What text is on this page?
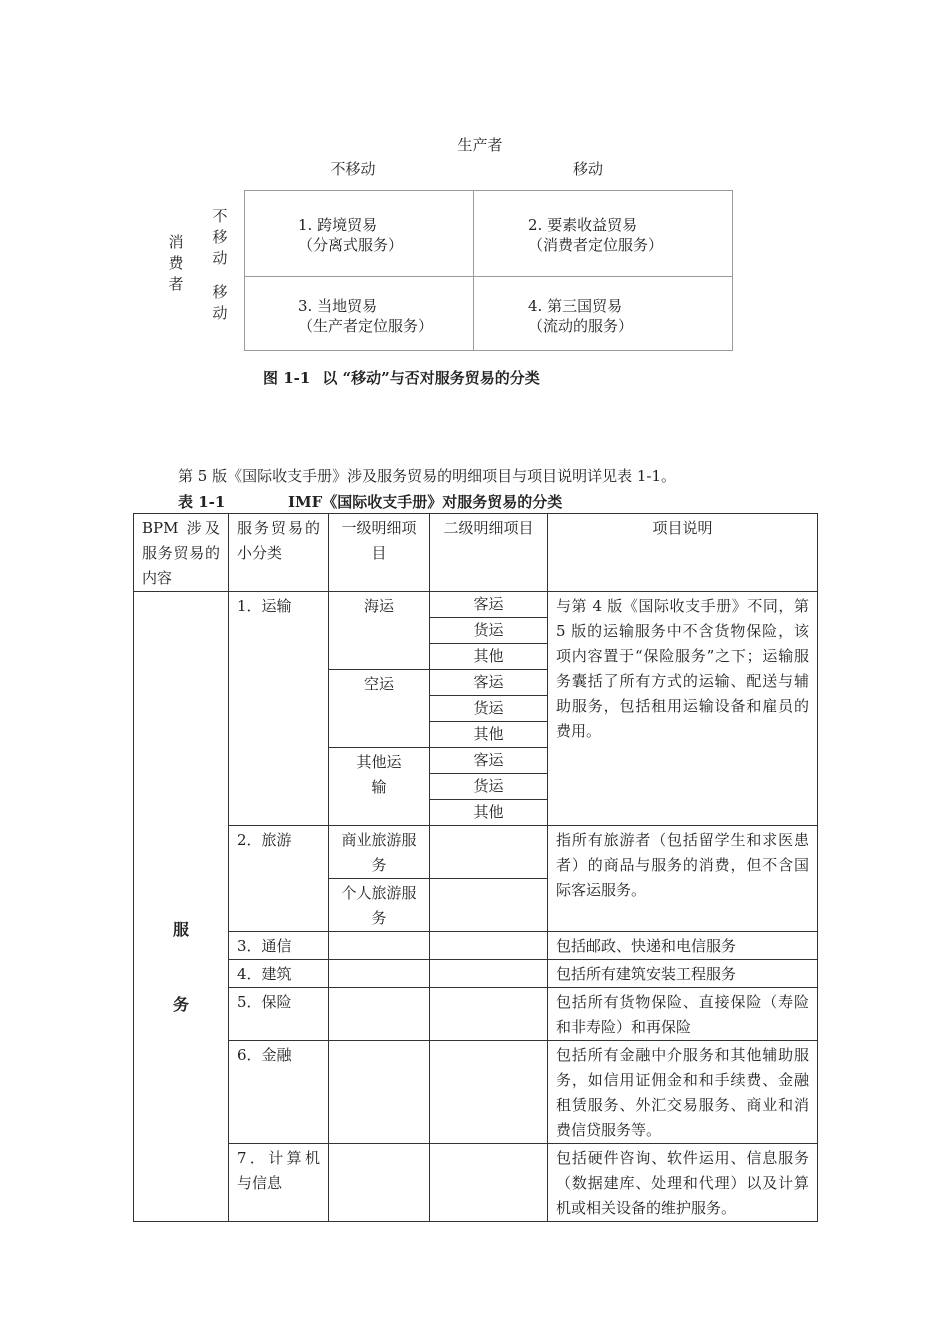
生产者
不移动	移动
消费者
不移动
移动
1. 跨境贸易
（分离式服务）
2. 要素收益贸易
（消费者定位服务）
3. 当地贸易
（生产者定位服务）
4. 第三国贸易
（流动的服务）
图 1-1 以 “移动”与否对服务贸易的分类
第 5 版《国际收支手册》涉及服务贸易的明细项目与项目说明详见表 1-1。
表 1-1	IMF《国际收支手册》对服务贸易的分类
BPM 涉及服务贸易的内容	服务贸易的小分类	一级明细项目	二级明细项目	项目说明

服
务	1．运输	海运	客运	与第 4 版《国际收支手册》不同，第 5 版的运输服务中不含货物保险，该项内容置于“保险服务”之下；运输服务囊括了所有方式的运输、配送与辅助服务，包括租用运输设备和雇员的费用。
			货运	
			其他	
		空运	客运	
			货运	
			其他	
		其他运输	客运	
			货运	
			其他	
	2．旅游	商业旅游服务		指所有旅游者（包括留学生和求医患者）的商品与服务的消费，但不含国际客运服务。
		个人旅游服务		
	3．通信			包括邮政、快递和电信服务
	4．建筑			包括所有建筑安装工程服务
	5．保险			包括所有货物保险、直接保险（寿险和非寿险）和再保险
	6．金融			包括所有金融中介服务和其他辅助服务，如信用证佣金和和手续费、金融租赁服务、外汇交易服务、商业和消费信贷服务等。
	7．计算机与信息			包括硬件咨询、软件运用、信息服务（数据建库、处理和代理）以及计算机或相关设备的维护服务。
